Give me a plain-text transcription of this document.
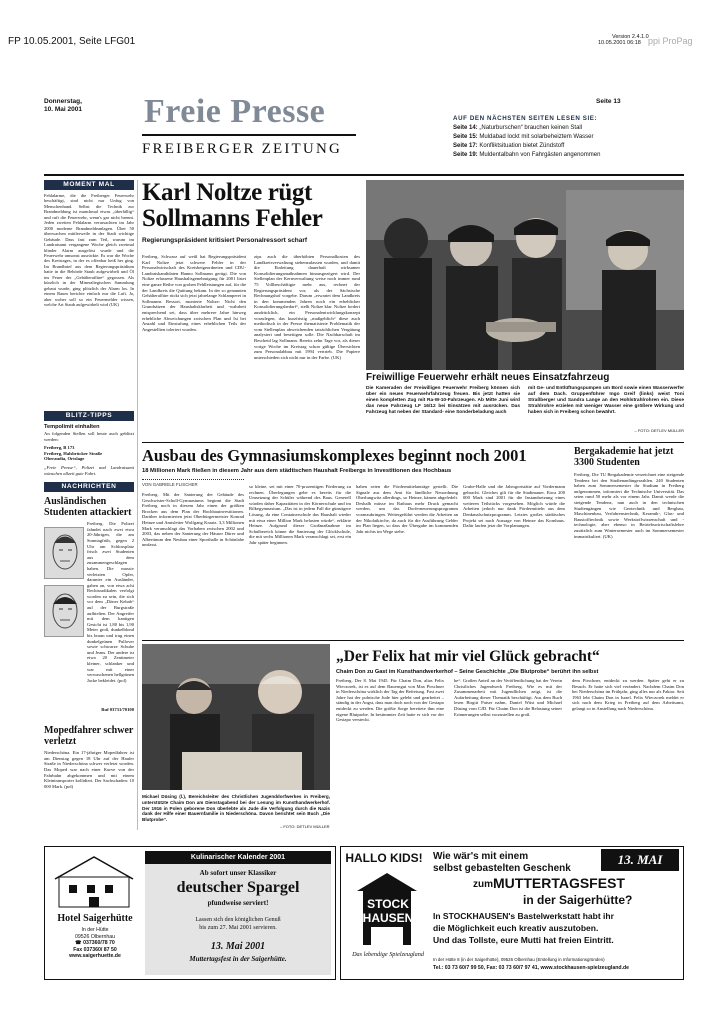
FP 10.05.2001, Seite LFG01	Version 2.4.1.0
10.05.2001 06:18 ppi ProPag
Donnerstag,
10. Mai 2001 Freie Presse
FREIBERGER ZEITUNG
Seite 13
AUF DEN NÄCHSTEN SEITEN LESEN SIE:
Seite 14: „Naturburschen“ brauchen keinen Stall
Seite 15: Muldabad lockt mit solarbeheiztem Wasser
Seite 17: Konfliktsituation bietet Zündstoff
Seite 19: Muldentalbahn von Fahrgästen angenommen
MOMENT MAL
Fehlalarme, die die Freiberger Feuerwehr beschäftigt, sind nicht nur Unfug von Menschenhand. Selbst die Technik zur Brandmeldung ist manchmal etwas „überfällig“ und ruft die Feuerwehr, wenn's gar nicht brennt. Jeden zweiten Fehlalarm verursachten im Jahr 2000 moderne Brandmeldeanlagen. Über 50 überwachen mittlerweile in der Stadt wichtige Gebäude. Dass fast zum Teil, warum im Landratsamt vergangene Woche gleich zweimal blinder Alarm ausgelöst wurde und die Feuerwehr umsonst ausrückte. Es war die Woche des Kreistages, in der es offenbar heiß her ging. Im Brandbrief aus dem Regierungspräsidium hatte in die Behörde Staub aufgewirbelt und Öl ins Feuer der „Gehälteraffäre“ gegossen. Als kürzlich in der Mineraliegischen Sammlung gebaut wurde, ging plötzlich der Alarm los. In einem Raum berichte einfach nur die Luft. Ja, aber woher soll so ein Feuermelder wissen, welche Art Staub aufgewirbelt wird (UK)
BLITZ-TIPPS
Tempolimit einhalten
An folgenden Stellen soll heute auch geblitzt werden:
Freiberg, B 173
Freiberg, Halsbrücker Straße
Oberaudia, Ortslage
„Freie Presse“, Polizei und Landratsamt wünschen allzeit gute Fahrt.
NACHRICHTEN
Ausländischen Studenten attackiert
Freiberg. Die Polizei fahndet nach zwei etwa 20-Jährigen, die am Sonntagfrüh, gegen 2 Uhr am Schlossplatz frisch zwei Studenten aus dem zusammengeschlagen haben. Die massiv verletzten Opfer, darunter ein Ausländer, gaben an, von etwa acht Rechtsradikalen verfolgt worden zu sein, die sich vor dem „Döner Kebab“ auf der Burgstraße aufhielten. Der Angreifer mit dem kantigen Gesicht ist 1,80 bis 1,90 Meter groß, dunkelblond bis braun und trug einen dunkelgrünen Pullover sowie schwarze Schuhe und Jeans. Der andere ist etwa 20 Zentimeter kleiner, schlanker und war mit einer verwaschenen hellgrünen Jacke bekleidet. (pol)
Ruf 03731/70100
Mopedfahrer schwer verletzt
Niederschöna. Ein 17-jähriger Mopedfahrer ist am Dienstag gegen 18 Uhr auf der Haufer Straße in Niederschöna schwer verletzt worden. Das Moped war nach einer Kurve von der Fahrbahn abgekommen und mit einem Kleintransporter kollidiert. Der Sachschaden: 10 000 Mark. (pol)
Karl Noltze rügt
Sollmanns Fehler
Regierungspräsident kritisiert Personalressort scharf
Freiberg. Schwarz auf weiß hat Regierungspräsident Karl Noltze jetzt schwere Fehler in der Personalwirtschaft des Kreisbeigeordneten und CDU-Landratskandidaten Hanno Sollmann gerügt. Die von Noltze erlassene Haushaltsgenehmigung für 2001 listet eine ganze Reihe von groben Fehlleistungen auf, für die der Landkreis die Quittung bekam. In der so genannten Gehälteraffäre rückt sich jetzt jahrelange Schlamperei in Sollmanns Ressort, monierte Noltze: Nicht den Grundsätzen der Haushaltsklarheit und -wahrheit entsprechend sei, dass über mehrere Jahre hinweg erhebliche Abweichungen zwischen Plan und Ist bei Anzahl und Einstufung eines erheblichen Teils der Angestellten toleriert wurden.
zips auch die überhöhten Personalkosten des Landkreisverwaltung stehenzulassen wurden, und damit die Einleitung dauerhaft wirksamer Konsolidierungsmaßnahmen hinausgezögert wird. Der Stellenplan der Kernverwaltung weise noch immer rund 75 Vollbeschäftigte mehr aus, rechnet der Regierungspräsident vor, als der Sächsische Rechnungshof vorgebe. Darum „erwartet dem Landkreis in den kommenden Jahren noch ein erheblicher Konsolidierungsbedarf“, stellt Noltze klar. Noltze fordert ausdrücklich, ein Personalentwicklungskonzept vorzulegen, das kurzfristig „maßgeblich“ diese auch methodisch in der Presse thematisierte Problematik der vom Stellenplan abweichenden tatsächlichen Vergütung analysiert und beseitigen solle. Die Nachbarschaft im Bescheid lag Sollmann. Bereits zehn Tage vor, als dieser vorige Woche im Kreistag schon gültige Übersichten zum Personalabbau mit 1994 vertrieb. Die Papiere unterschieden sich nicht nur in der Farbe. (UK)
Freiwillige Feuerwehr erhält neues Einsatzfahrzeug
Die Kameraden der Freiwilligen Feuerwehr Freiberg können sich über ein neues Feuerwehrfahrzeug freuen. Bis jetzt hatten sie einen kompletten Zug mit Ra-W-10-Fahrzeugen. Ab Mitte Juni wird das neue Fahrzeug LF 16/12 bei Einsätzen mit ausrücken. Das Fahrzeug hat neben der Standard- eine Sonderbeladung auch
mit Ge- und Entlüftungspumpen um Bord sowie einen Wasserwerfer auf dem Dach. Gruppenführer Ingo Greif (links) weist Toni Straßberger und Sandra Lange an den Hohlstrahlrohren ein. Diese Strahlrohre erzielen mit weniger Wasser eine größere Wirkung und haben sich in Freiberg schon bewährt.
– FOTO: DETLEV MÜLLER
Ausbau des Gymnasiumskomplexes beginnt noch 2001
18 Millionen Mark fließen in diesem Jahr aus dem städtischen Haushalt Freibergs in Investitionen des Hochbaus
VON GABRIELE FLISCHER
Freiberg. Mit der Sanierung der Gebäude des Geschwister-Scholl-Gymnasiums beginnt die Stadt Freiberg noch in diesem Jahr einen der größten Brocken aus dem Plan der Hochbauinvestitionen. Darüber informierten jetzt Oberbürgermeister Konrad Heinze und Amtsleiter Wolfgang Kraatz. 3,3 Millionen Mark veranschlagt das Vorhaben zwischen 2002 und 2003, das neben der Sanierung der Häuser Dürer und Albertinum den Neubau einer Sporthalle in Schönlahe umfasst.
so kleine, sei mit einer 70-prozentigen Förderung zu rechnen. Überlegungen gebe es bereits für die Umsetzung der Schüler während des Baus. Generell würden daher Kapazitäten in der Körnerschule und im Rilkegymnasium. „Das ist in jedem Fall die günstigere Lösung, da eine Containerschule das Haushalt wieder mit etwa einer Million Mark belasten würde“, erklärte Heinze. Aufgrund dieser Großmaßnahme im Schulbereich könne die Sanierung der Glöcklschule, die mit sechs Millionen Mark veranschlagt sei, erst ein Jahr später beginnen.
haben seien die Fördermittelanträge gestellt. Die Signale aus dem Amt für ländliche Neuordnung Oberlungwitz allerdings, so Heinze, kämen abgefedelt. Deshalb müsse im Rathaus mehr Druck gemacht werden, um das Dorferneuerungsprogramm voranzubringen. Weitergeführt werden die Arbeiten an der Nikolaikirche, da auch für die Ausführung Gelder im Plan liegen, so dass der Übergabe im kommenden Jahr nichts im Wege stehe.
Grube-Halle und die Jahrsgortstätte auf Vordermann gebracht. Gleiches gilt für die Stadtmauer. Etwa 200 000 Mark sind 2001 für die Instandsetzung eines weiteren Teilstücks vorgesehen. Möglich würde die Arbeiten jedoch nur dank Fördermitteln aus dem Denkmalschutzprogramm. Letztes großes städtisches Projekt sei nach Aussage von Heinze das Kornhaus. Dafür laufen jetzt die Vorplanungen.
Bergakademie hat jetzt 3300 Studenten
Freiberg. Die TU Bergakademie verzeichnet eine steigende Tendenz bei den Studienanfängerzahlen. 240 Studenten haben zum Sommersemester ihr Studium in Freiberg aufgenommen, informiert die Technische Universität. Das seien rund 50 mehr als vor einem Jahr. Damit werde die steigende Tendenz, nun auch in den technischen Studiengängen wie Geotechnik und Bergbau, Maschinenbau, Verfahrenstechnik, Keramik-, Glas- und Baustofftechnik sowie Werkstoffwissenschaft und -technologie, aber ebenso in Betriebswirtschaftslehre zusätzlich zum Wintersemester auch im Sommersemester immatrikuliert. (UK)
Michael Düsing (l.), Bereichsleiter des Christlichen Jugenddorfwerkes in Freiberg, unterstützte Chaim Don am Dienstagabend bei der Lesung im Kunsthandwerkerhof. Der 1916 in Polen geborene Don überlebte als Jude die Verfolgung durch die Nazis dank der Hilfe einer Bauernfamilie in Niederschöna. Davon berichtet sein Buch „Die Blutprobe“.
– FOTO: DETLEV MÜLLER
„Der Felix hat mir viel Glück gebracht“
Chaim Don zu Gast im Kunsthandwerkerhof – Seine Geschichte „Die Blutprobe“ berührt ihn selbst
Freiberg. Der 8. Mai 1945. Für Chaim Don, alias Felix Wieczorek, ist es auf dem Bauerngut von Max Pirschner in Niederschöna wirklich der Tag der Befreiung. Fast zwei Jahre hat der polnische Jude hier gelebt und gearbeitet – ständig in der Angst, dass man doch noch von der Gestapo entdeckt zu werden. Die größte Sorge bereitete ihm eine eigene Blutprobe. In bestimmter Zeit hatte er sich vor der Gestapo versteckt.
be“. Großen Anteil an der Veröffentlichung hat der Verein Christliches Jugendwerk Freiberg. Wie es mit der Zusammenarbeit mit Jugendlichen zeigt, ist die Aufarbeitung dieser Thematik beschäftigt. Aus dem Buch lesen Birgitt Paiser nahm, Daniel Wüst und Michael Düsing vom CJD. Für Chaim Don ist die Belastung seiner Erinnerungen selbst vorzustellen zu groß.
dem Pirschner, entdeckt zu werden. Später geht er zu Besuch. Er hatte sich viel verändert. Nachdem Chaim Don bei Niederschöna im Frühjahr, ging alles nur als Faktor. Seit 1963 lebt Chaim Don in Israel. Felix Wieczorek meldet er sich nach dem Krieg in Freiberg auf dem Arbeitsamt, gelangt so in Anstellung nach Niederschöna.
Hotel Saigerhütte
In der Hütte
09526 Olbernhau
☎ 037360/78 70
Fax 037360/ 87 50
www.saigerhuette.de
Kulinarischer Kalender 2001
Ab sofort unser Klassiker
deutscher Spargel
pfundweise serviert!
Lassen sich den königlichen Genuß
bis zum 27. Mai 2001 servieren.
13. Mai 2001
Muttertagsfest in der Saigerhütte.
HALLO KIDS!
STOCK
HAUSEN
Das lebendige Spielzeugland
Wie wär's mit einem	13. MAI
selbst gebastelten Geschenk
zum MUTTERTAGSFEST
in der Saigerhütte?
In STOCKHAUSEN's Bastelwerkstatt habt ihr
die Möglichkeit euch kreativ auszutoben.
Und das Tollste, eure Mutti hat freien Eintritt.
In der Hütte 8 (in der Saigerhütte), 09526 Olbernhau (Erstellung in Informationsgründen)
Tel.: 03 73 60/7 99 50, Fax: 03 73 60/7 97 41, www.stockhausen-spielzeugland.de
